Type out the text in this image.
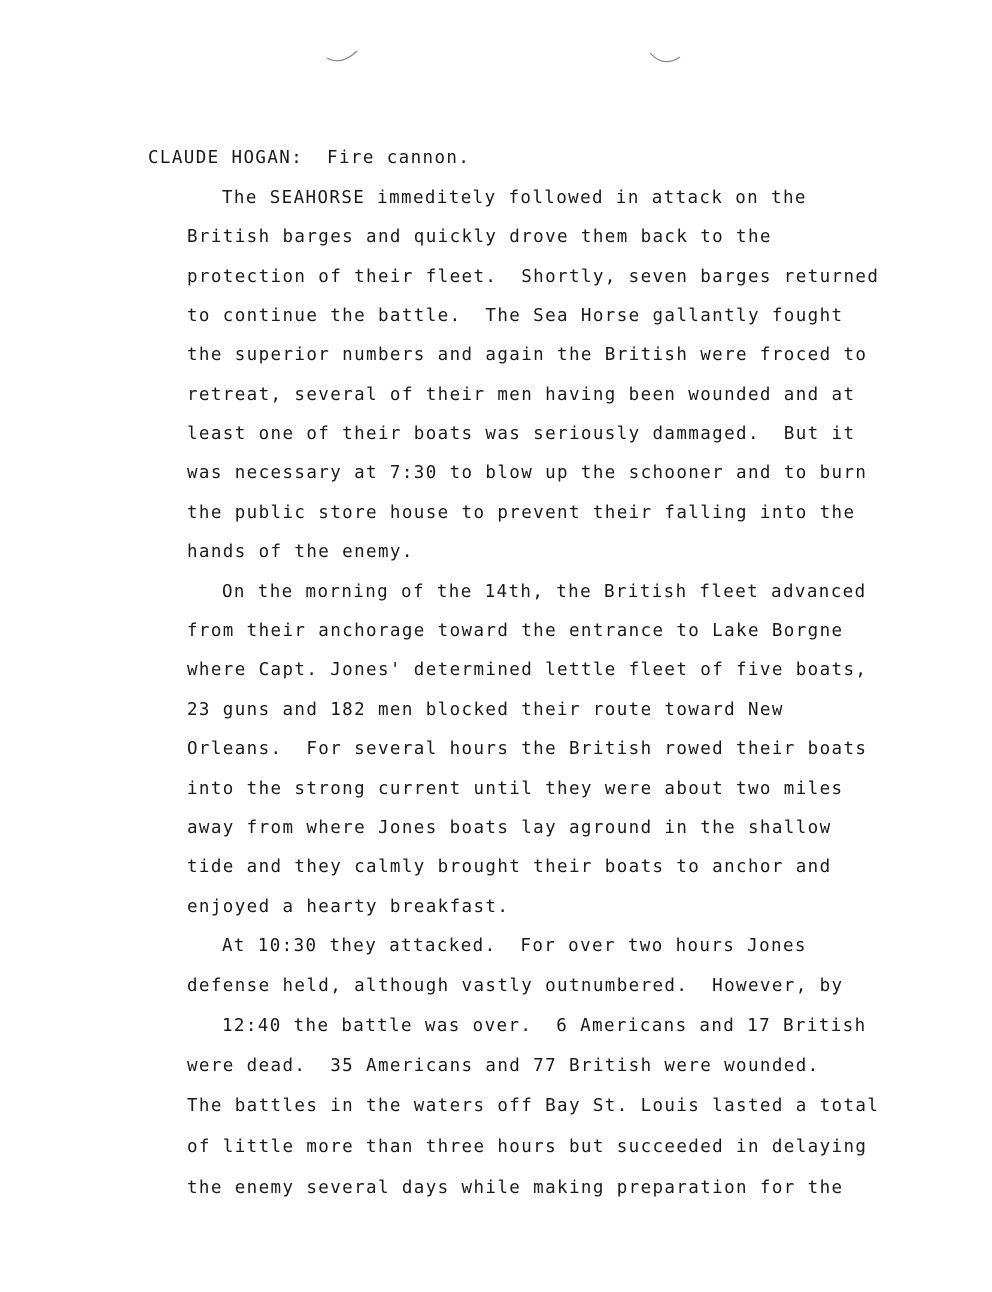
CLAUDE HOGAN:  Fire cannon.
The SEAHORSE immeditely followed in attack on the
British barges and quickly drove them back to the
protection of their fleet.  Shortly, seven barges returned
to continue the battle.  The Sea Horse gallantly fought
the superior numbers and again the British were froced to
retreat, several of their men having been wounded and at
least one of their boats was seriously dammaged.  But it
was necessary at 7:30 to blow up the schooner and to burn
the public store house to prevent their falling into the
hands of the enemy.
On the morning of the 14th, the British fleet advanced
from their anchorage toward the entrance to Lake Borgne
where Capt. Jones' determined lettle fleet of five boats,
23 guns and 182 men blocked their route toward New
Orleans.  For several hours the British rowed their boats
into the strong current until they were about two miles
away from where Jones boats lay aground in the shallow
tide and they calmly brought their boats to anchor and
enjoyed a hearty breakfast.
At 10:30 they attacked.  For over two hours Jones
defense held, although vastly outnumbered.  However, by
12:40 the battle was over.  6 Americans and 17 British
were dead.  35 Americans and 77 British were wounded.
The battles in the waters off Bay St. Louis lasted a total
of little more than three hours but succeeded in delaying
the enemy several days while making preparation for the
